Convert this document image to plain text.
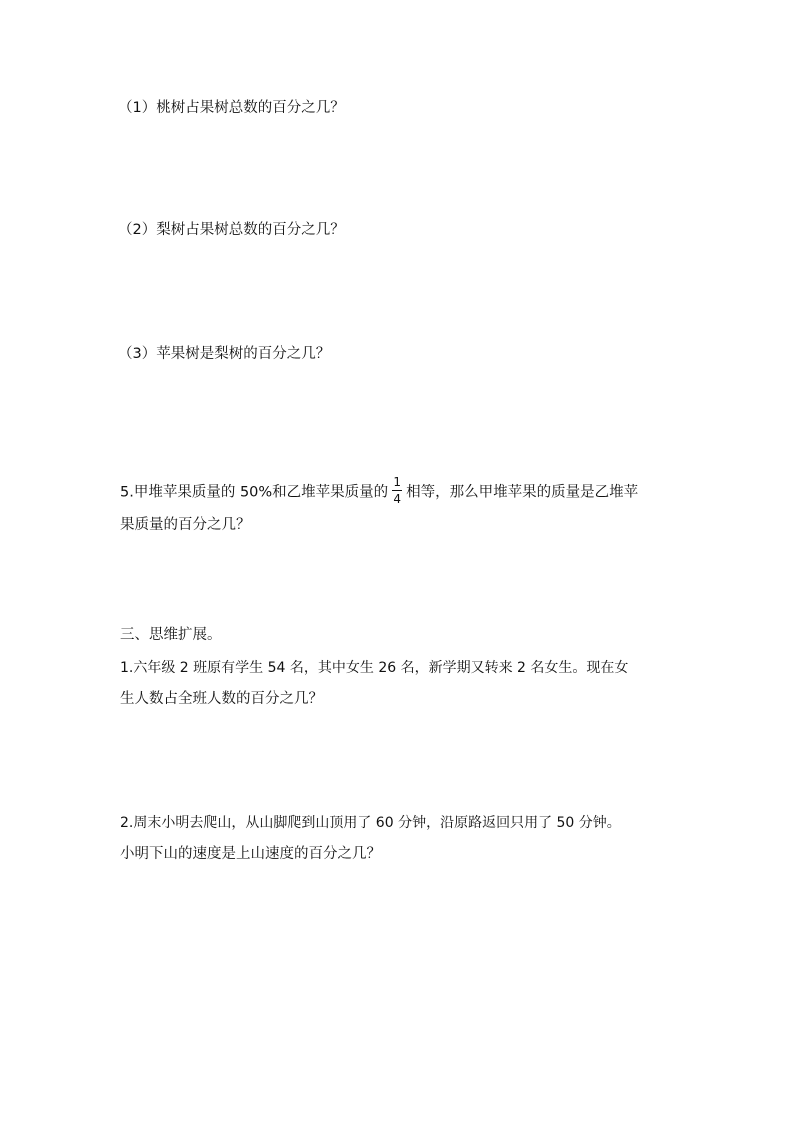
（1）桃树占果树总数的百分之几？
（2）梨树占果树总数的百分之几？
（3）苹果树是梨树的百分之几？
5.甲堆苹果质量的 50%和乙堆苹果质量的 $\frac{1}{4}$ 相等，那么甲堆苹果的质量是乙堆苹
果质量的百分之几？
三、思维扩展。
1.六年级 2 班原有学生 54 名，其中女生 26 名，新学期又转来 2 名女生。现在女
生人数占全班人数的百分之几？
2.周末小明去爬山，从山脚爬到山顶用了 60 分钟，沿原路返回只用了 50 分钟。
小明下山的速度是上山速度的百分之几？
